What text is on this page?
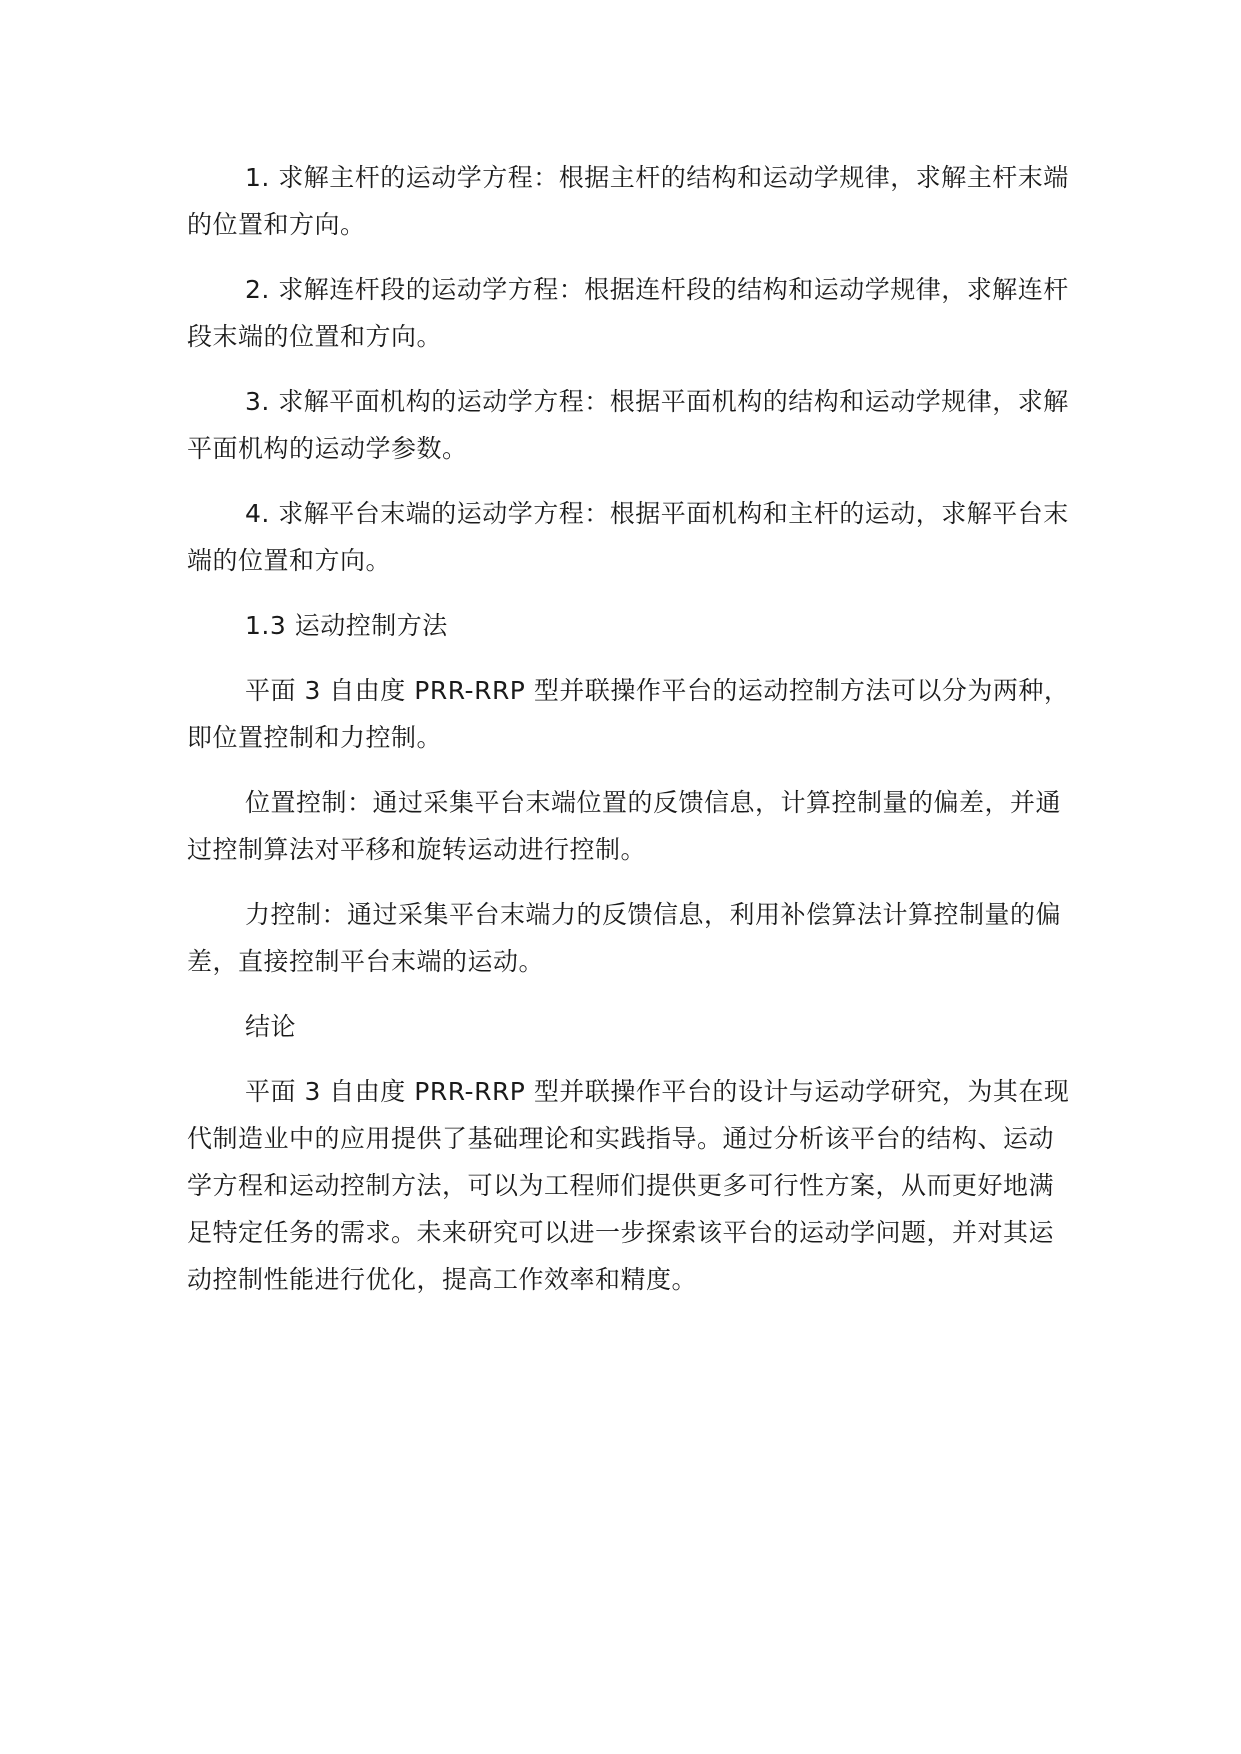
1. 求解主杆的运动学方程：根据主杆的结构和运动学规律，求解主杆末端的位置和方向。

2. 求解连杆段的运动学方程：根据连杆段的结构和运动学规律，求解连杆段末端的位置和方向。

3. 求解平面机构的运动学方程：根据平面机构的结构和运动学规律，求解平面机构的运动学参数。

4. 求解平台末端的运动学方程：根据平面机构和主杆的运动，求解平台末端的位置和方向。

1.3 运动控制方法

平面 3 自由度 PRR-RRP 型并联操作平台的运动控制方法可以分为两种，即位置控制和力控制。

位置控制：通过采集平台末端位置的反馈信息，计算控制量的偏差，并通过控制算法对平移和旋转运动进行控制。

力控制：通过采集平台末端力的反馈信息，利用补偿算法计算控制量的偏差，直接控制平台末端的运动。

结论

平面 3 自由度 PRR-RRP 型并联操作平台的设计与运动学研究，为其在现代制造业中的应用提供了基础理论和实践指导。通过分析该平台的结构、运动学方程和运动控制方法，可以为工程师们提供更多可行性方案，从而更好地满足特定任务的需求。未来研究可以进一步探索该平台的运动学问题，并对其运动控制性能进行优化，提高工作效率和精度。
